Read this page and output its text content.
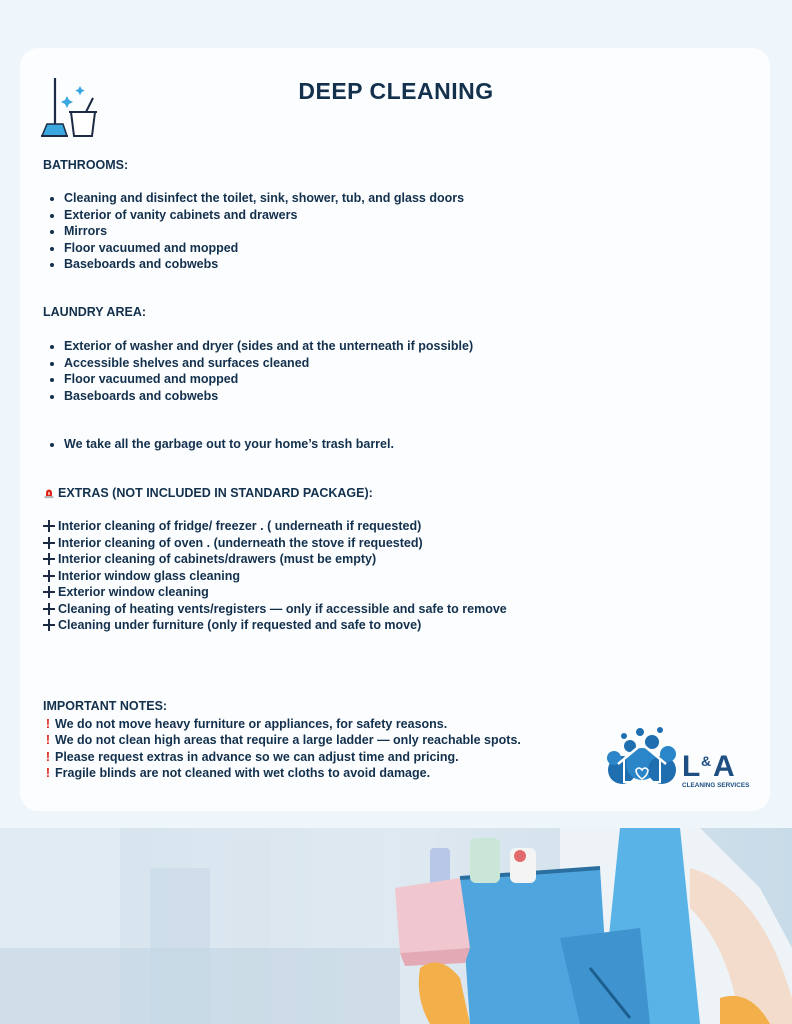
DEEP CLEANING
BATHROOMS:
• Cleaning and disinfect the toilet, sink, shower, tub, and glass doors
• Exterior of vanity cabinets and drawers
• Mirrors
• Floor vacuumed and mopped
• Baseboards and cobwebs
LAUNDRY AREA:
• Exterior of washer and dryer (sides and at the unterneath if possible)
• Accessible shelves and surfaces cleaned
• Floor vacuumed and mopped
• Baseboards and cobwebs
• We take all the garbage out to your home’s trash barrel.
EXTRAS (NOT INCLUDED IN STANDARD PACKAGE):
Interior cleaning of fridge/ freezer . ( underneath if requested)
Interior cleaning of oven . (underneath the stove if requested)
Interior cleaning of cabinets/drawers (must be empty)
Interior window glass cleaning
Exterior window cleaning
Cleaning of heating vents/registers — only if accessible and safe to remove
Cleaning under furniture (only if requested and safe to move)
IMPORTANT NOTES:
! We do not move heavy furniture or appliances, for safety reasons.
! We do not clean high areas that require a large ladder — only reachable spots.
! Please request extras in advance so we can adjust time and pricing.
! Fragile blinds are not cleaned with wet cloths to avoid damage.	L & A
CLEANING SERVICES
